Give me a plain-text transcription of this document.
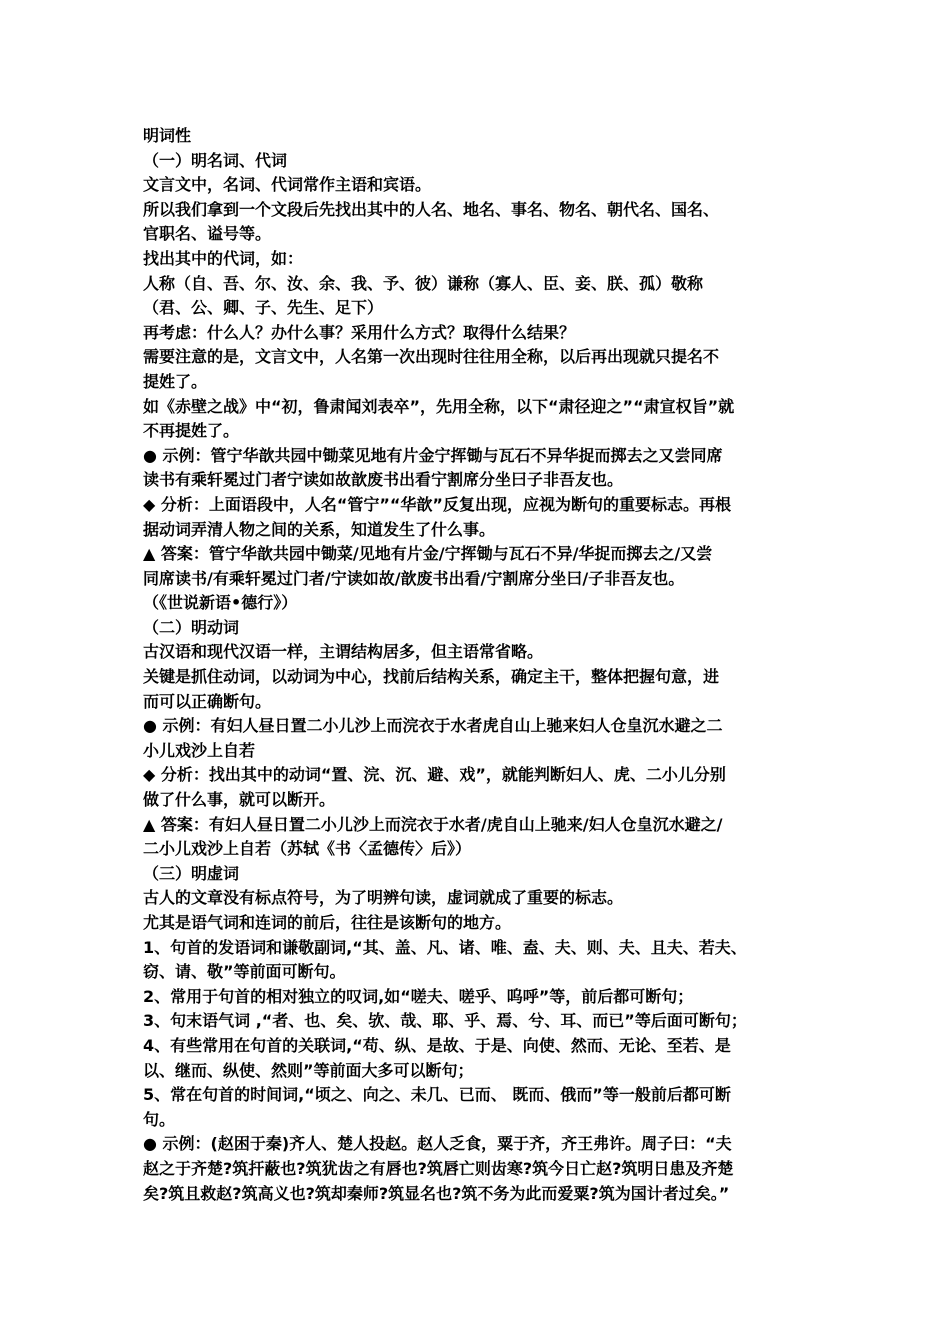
明词性

（一）明名词、代词

文言文中，名词、代词常作主语和宾语。

所以我们拿到一个文段后先找出其中的人名、地名、事名、物名、朝代名、国名、

官职名、谥号等。

找出其中的代词，如：

人称（自、吾、尔、汝、余、我、予、彼）谦称（寡人、臣、妾、朕、孤）敬称

（君、公、卿、子、先生、足下）

再考虑：什么人？办什么事？采用什么方式？取得什么结果？

需要注意的是，文言文中，人名第一次出现时往往用全称，以后再出现就只提名不

提姓了。

如《赤壁之战》中“初，鲁肃闻刘表卒”，先用全称，以下“肃径迎之”“肃宣权旨”就

不再提姓了。

● 示例：管宁华歆共园中锄菜见地有片金宁挥锄与瓦石不异华捉而掷去之又尝同席

读书有乘轩冕过门者宁读如故歆废书出看宁割席分坐曰子非吾友也。

◆ 分析：上面语段中，人名“管宁”“华歆”反复出现，应视为断句的重要标志。再根

据动词弄清人物之间的关系，知道发生了什么事。

▲ 答案：管宁华歆共园中锄菜/见地有片金/宁挥锄与瓦石不异/华捉而掷去之/又尝

同席读书/有乘轩冕过门者/宁读如故/歆废书出看/宁割席分坐曰/子非吾友也。

（《世说新语•德行》）

（二）明动词

古汉语和现代汉语一样，主谓结构居多，但主语常省略。

关键是抓住动词，以动词为中心，找前后结构关系，确定主干，整体把握句意，进

而可以正确断句。

● 示例：有妇人昼日置二小儿沙上而浣衣于水者虎自山上驰来妇人仓皇沉水避之二

小儿戏沙上自若

◆ 分析：找出其中的动词“置、浣、沉、避、戏”，就能判断妇人、虎、二小儿分别

做了什么事，就可以断开。

▲ 答案：有妇人昼日置二小儿沙上而浣衣于水者/虎自山上驰来/妇人仓皇沉水避之/

二小儿戏沙上自若（苏轼《书〈孟德传〉后》）

（三）明虚词

古人的文章没有标点符号，为了明辨句读，虚词就成了重要的标志。

尤其是语气词和连词的前后，往往是该断句的地方。

1、句首的发语词和谦敬副词,“其、盖、凡、诸、唯、盍、夫、则、夫、且夫、若夫、

窃、请、敬”等前面可断句。

2、常用于句首的相对独立的叹词,如“嗟夫、嗟乎、呜呼”等，前后都可断句；

3、句末语气词 ,“者、也、矣、欤、哉、耶、乎、焉、兮、耳、而已”等后面可断句；

4、有些常用在句首的关联词,“苟、纵、是故、于是、向使、然而、无论、至若、是

以、继而、纵使、然则”等前面大多可以断句；

5、常在句首的时间词,“顷之、向之、未几、已而、 既而、俄而”等一般前后都可断

句。

● 示例：(赵困于秦)齐人、楚人投赵。赵人乏食，粟于齐，齐王弗许。周子曰：“夫

赵之于齐楚?筑扞蔽也?筑犹齿之有唇也?筑唇亡则齿寒?筑今日亡赵?筑明日患及齐楚

矣?筑且救赵?筑高义也?筑却秦师?筑显名也?筑不务为此而爱粟?筑为国计者过矣。”
